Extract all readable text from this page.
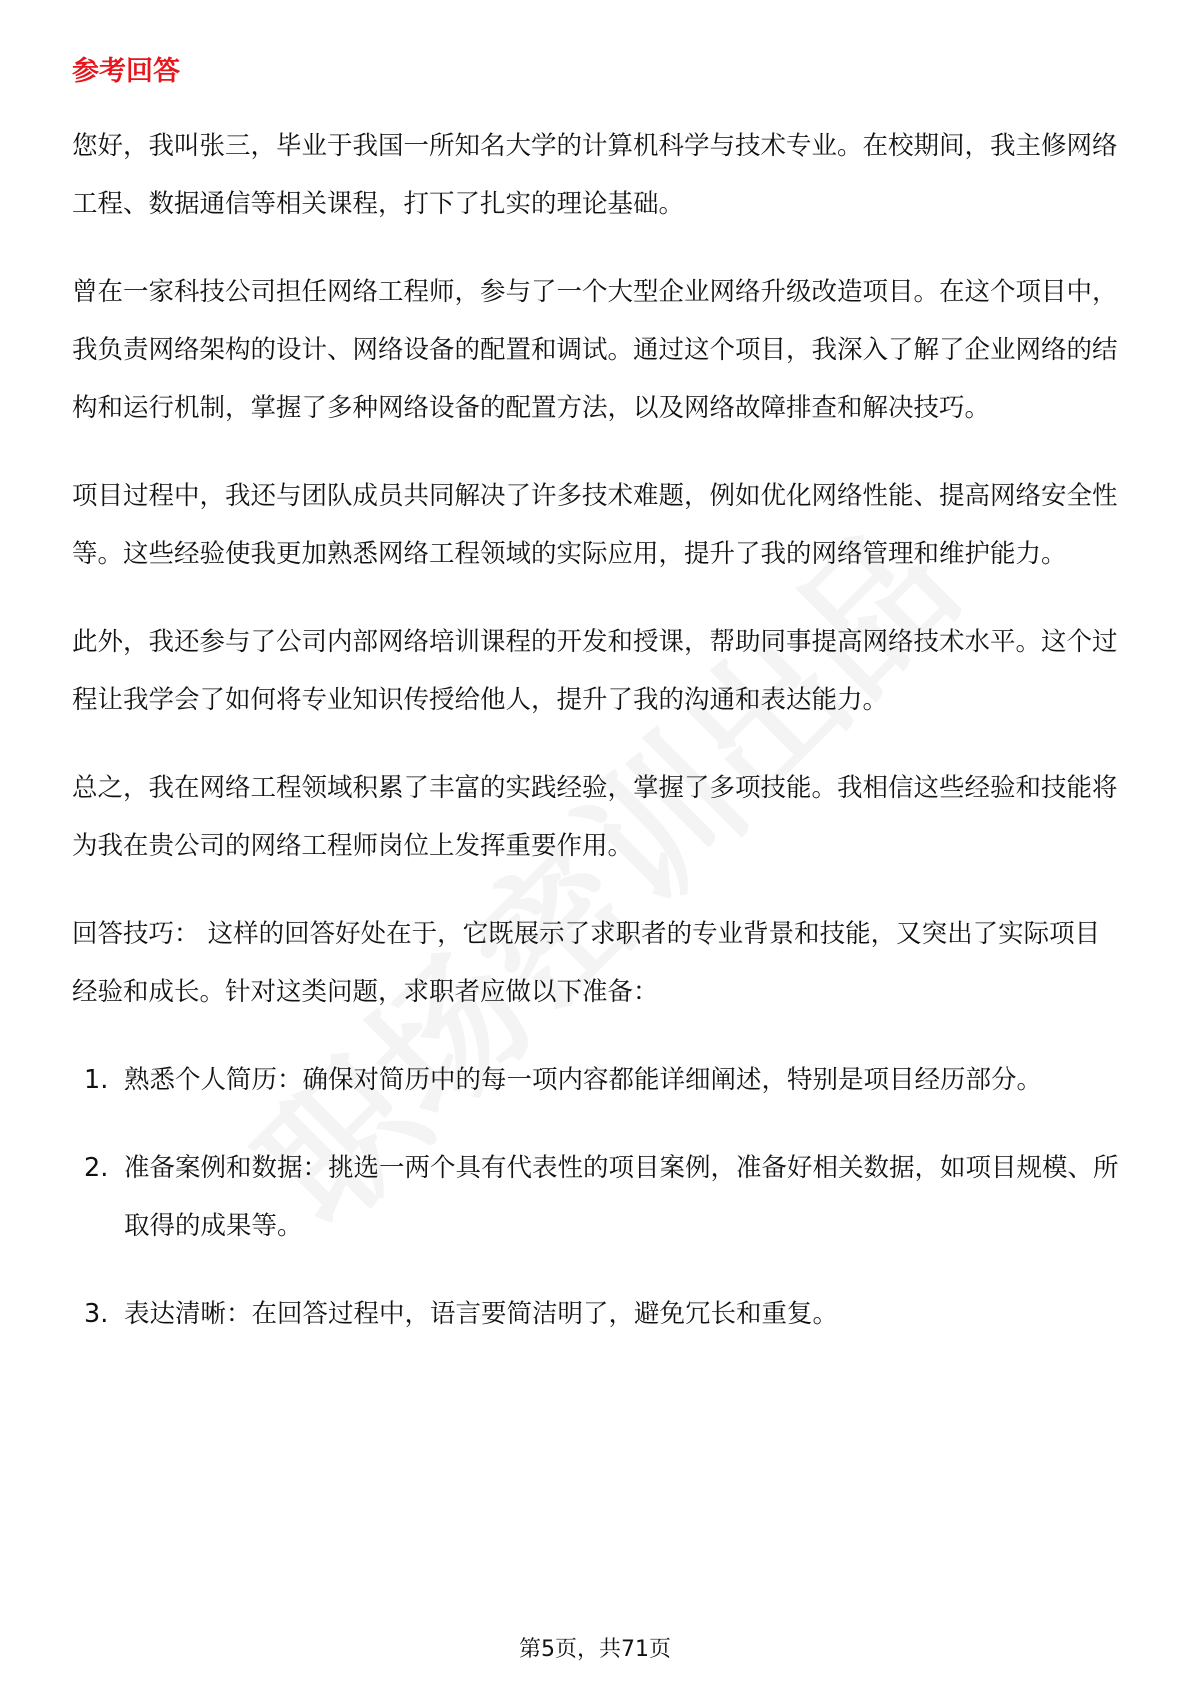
参考回答

您好，我叫张三，毕业于我国一所知名大学的计算机科学与技术专业。在校期间，我主修网络工程、数据通信等相关课程，打下了扎实的理论基础。

曾在一家科技公司担任网络工程师，参与了一个大型企业网络升级改造项目。在这个项目中，我负责网络架构的设计、网络设备的配置和调试。通过这个项目，我深入了解了企业网络的结构和运行机制，掌握了多种网络设备的配置方法，以及网络故障排查和解决技巧。

项目过程中，我还与团队成员共同解决了许多技术难题，例如优化网络性能、提高网络安全性等。这些经验使我更加熟悉网络工程领域的实际应用，提升了我的网络管理和维护能力。

此外，我还参与了公司内部网络培训课程的开发和授课，帮助同事提高网络技术水平。这个过程让我学会了如何将专业知识传授给他人，提升了我的沟通和表达能力。

总之，我在网络工程领域积累了丰富的实践经验，掌握了多项技能。我相信这些经验和技能将为我在贵公司的网络工程师岗位上发挥重要作用。

回答技巧： 这样的回答好处在于，它既展示了求职者的专业背景和技能，又突出了实际项目经验和成长。针对这类问题，求职者应做以下准备：

1. 熟悉个人简历：确保对简历中的每一项内容都能详细阐述，特别是项目经历部分。
2. 准备案例和数据：挑选一两个具有代表性的项目案例，准备好相关数据，如项目规模、所取得的成果等。
3. 表达清晰：在回答过程中，语言要简洁明了，避免冗长和重复。
第5页，共71页
